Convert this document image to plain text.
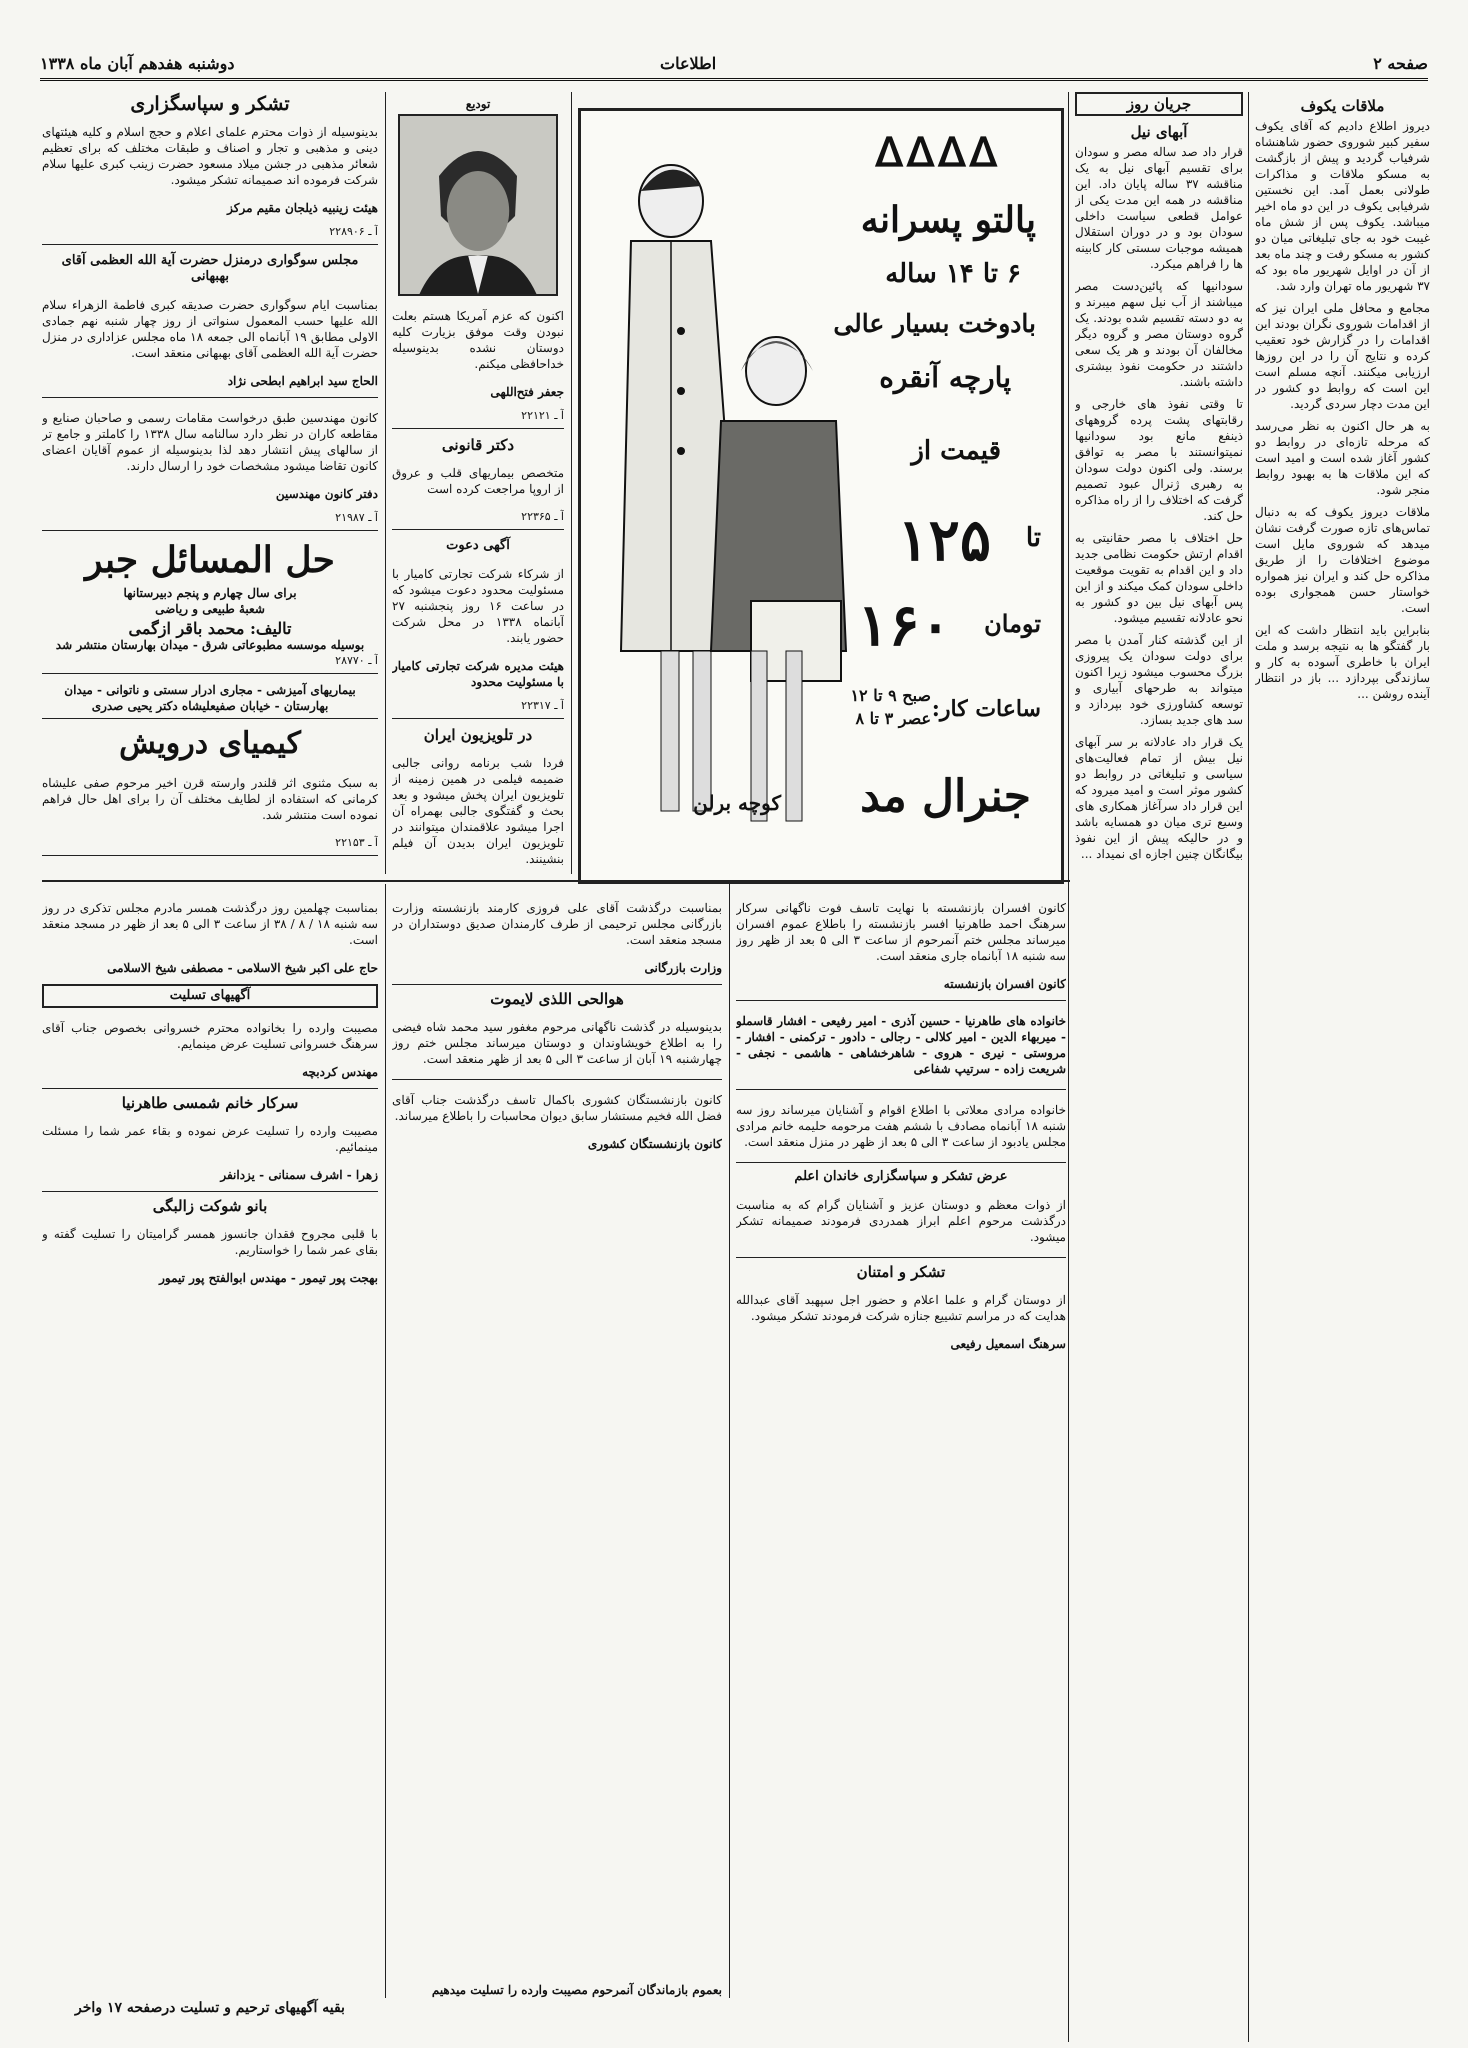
صفحه ۲
اطلاعات
دوشنبه هفدهم آبان ماه ۱۳۳۸
ملاقات یکوف

دیروز اطلاع دادیم که آقای یکوف سفیر کبیر شوروی حضور شاهنشاه شرفیاب گردید و پیش از بازگشت به مسکو ملاقات و مذاکرات طولانی بعمل آمد. این نخستین شرفیابی یکوف در این دو ماه اخیر میباشد. یکوف پس از شش ماه غیبت خود به جای تبلیغاتی میان دو کشور به مسکو رفت و چند ماه بعد از آن در اوایل شهریور ماه بود که ۳۷ شهریور ماه تهران وارد شد.

مجامع و محافل ملی ایران نیز که از اقدامات شوروی نگران بودند این اقدامات را در گزارش خود تعقیب کرده و نتایج آن را در این روزها ارزیابی میکنند. آنچه مسلم است این است که روابط دو کشور در این مدت دچار سردی گردید.

به هر حال اکنون به نظر می‌رسد که مرحله تازه‌ای در روابط دو کشور آغاز شده است و امید است که این ملاقات ها به بهبود روابط منجر شود.

ملاقات دیروز یکوف که به دنبال تماس‌های تازه صورت گرفت نشان میدهد که شوروی مایل است موضوع اختلافات را از طریق مذاکره حل کند و ایران نیز همواره خواستار حسن همجواری بوده است.

بنابراین باید انتظار داشت که این بار گفتگو ها به نتیجه برسد و ملت ایران با خاطری آسوده به کار و سازندگی بپردازد ... باز در انتظار آینده روشن ...

جریان روز
آبهای نیل

قرار داد صد ساله مصر و سودان برای تقسیم آبهای نیل به یک مناقشه ۳۷ ساله پایان داد. این مناقشه در همه این مدت یکی از عوامل قطعی سیاست داخلی سودان بود و در دوران استقلال همیشه موجبات سستی کار کابینه ها را فراهم میکرد.

سودانیها که پائین‌دست مصر میباشند از آب نیل سهم میبرند و به دو دسته تقسیم شده بودند. یک گروه دوستان مصر و گروه دیگر مخالفان آن بودند و هر یک سعی داشتند در حکومت نفوذ بیشتری داشته باشند.

تا وقتی نفوذ های خارجی و رقابتهای پشت پرده گروههای ذینفع مانع بود سودانیها نمیتوانستند با مصر به توافق برسند. ولی اکنون دولت سودان به رهبری ژنرال عبود تصمیم گرفت که اختلاف را از راه مذاکره حل کند.

حل اختلاف با مصر حقانیتی به اقدام ارتش حکومت نظامی جدید داد و این اقدام به تقویت موقعیت داخلی سودان کمک میکند و از این پس آبهای نیل بین دو کشور به نحو عادلانه تقسیم میشود.

از این گذشته کنار آمدن با مصر برای دولت سودان یک پیروزی بزرگ محسوب میشود زیرا اکنون میتواند به طرحهای آبیاری و توسعه کشاورزی خود بپردازد و سد های جدید بسازد.

یک قرار داد عادلانه بر سر آبهای نیل بیش از تمام فعالیت‌های سیاسی و تبلیغاتی در روابط دو کشور موثر است و امید میرود که این قرار داد سرآغاز همکاری های وسیع تری میان دو همسایه باشد و در حالیکه پیش از این نفوذ بیگانگان چنین اجازه ای نمیداد ...

ᐃᐃᐃᐃ
پالتو پسرانه
۶ تا ۱۴ ساله
بادوخت بسیار عالی
پارچه آنقره
قیمت از
۱۲۵ تا
۱۶۰ تومان
ساعات کار:
صبح ۹ تا ۱۲
عصر ۳ تا ۸
جنرال مد
کوچه برلن
تودیع

اکنون که عزم آمریکا هستم بعلت نبودن وقت موفق بزیارت کلیه دوستان نشده بدینوسیله خداحافظی میکنم.

جعفر فتح‌اللهی
آ ـ ۲۲۱۲۱
دکتر قانونی

متخصص بیماریهای قلب و عروق از اروپا مراجعت کرده است

آ ـ ۲۲۳۶۵
آگهی دعوت

از شرکاء شرکت تجارتی کامیار با مسئولیت محدود دعوت میشود که در ساعت ۱۶ روز پنجشنبه ۲۷ آبانماه ۱۳۳۸ در محل شرکت حضور یابند.

هیئت مدیره شرکت تجارتی کامیار با مسئولیت محدود
آ ـ ۲۲۳۱۷
در تلویزیون ایران

فردا شب برنامه روانی جالبی ضمیمه فیلمی در همین زمینه از تلویزیون ایران پخش میشود و بعد بحث و گفتگوی جالبی بهمراه آن اجرا میشود علاقمندان میتوانند در تلویزیون ایران بدیدن آن فیلم بنشینند.

تشکر و سپاسگزاری

بدینوسیله از ذوات محترم علمای اعلام و حجج اسلام و کلیه هیئتهای دینی و مذهبی و تجار و اصناف و طبقات مختلف که برای تعظیم شعائر مذهبی در جشن میلاد مسعود حضرت زینب کبری علیها سلام شرکت فرموده اند صمیمانه تشکر میشود.

هیئت زینبیه ذیلجان مقیم مرکز
آ ـ ۲۲۸۹۰۶
مجلس سوگواری درمنزل حضرت آیة الله العظمی آقای بهبهانی

بمناسبت ایام سوگواری حضرت صدیقه کبری فاطمة الزهراء سلام الله علیها حسب المعمول سنواتی از روز چهار شنبه نهم جمادی الاولی مطابق ۱۹ آبانماه الی جمعه ۱۸ ماه مجلس عزاداری در منزل حضرت آیة الله العظمی آقای بهبهانی منعقد است.

الحاج سید ابراهیم ابطحی نژاد

کانون مهندسین طبق درخواست مقامات رسمی و صاحبان صنایع و مقاطعه کاران در نظر دارد سالنامه سال ۱۳۳۸ را کاملتر و جامع تر از سالهای پیش انتشار دهد لذا بدینوسیله از عموم آقایان اعضای کانون تقاضا میشود مشخصات خود را ارسال دارند.

دفتر کانون مهندسین
آ ـ ۲۱۹۸۷
حل المسائل جبر
برای سال چهارم و پنجم دبیرستانها
شعبهٔ طبیعی و ریاضی
تالیف: محمد باقر ازگمی
بوسیله موسسه مطبوعاتی شرق - میدان بهارستان منتشر شد
آ ـ ۲۸۷۷۰
بیماریهای آمیزشی - مجاری ادرار سستی و ناتوانی - میدان بهارستان - خیابان صفیعلیشاه دکتر یحیی صدری
کیمیای درویش

به سبک مثنوی اثر قلندر وارسته قرن اخیر مرحوم صفی علیشاه کرمانی که استفاده از لطایف مختلف آن را برای اهل حال فراهم نموده است منتشر شد.

آ ـ ۲۲۱۵۳

بمناسبت چهلمین روز درگذشت همسر مادرم مجلس تذکری در روز سه شنبه ۱۸ / ۸ / ۳۸ از ساعت ۳ الی ۵ بعد از ظهر در مسجد منعقد است.

حاج علی اکبر شیخ الاسلامی - مصطفی شیخ الاسلامی
آگهیهای تسلیت

مصیبت وارده را بخانواده محترم خسروانی بخصوص جناب آقای سرهنگ خسروانی تسلیت عرض مینمایم.

مهندس کردبچه
سرکار خانم شمسی طاهرنیا

مصیبت وارده را تسلیت عرض نموده و بقاء عمر شما را مسئلت مینمائیم.

زهرا - اشرف سمنانی - یزدانفر
بانو شوکت زالبگی

با قلبی مجروح فقدان جانسوز همسر گرامیتان را تسلیت گفته و بقای عمر شما را خواستاریم.

بهجت پور تیمور - مهندس ابوالفتح پور تیمور

بمناسبت درگذشت آقای علی فروزی کارمند بازنشسته وزارت بازرگانی مجلس ترحیمی از طرف کارمندان صدیق دوستداران در مسجد منعقد است.

وزارت بازرگانی
هوالحی اللذی لایموت

بدینوسیله در گذشت ناگهانی مرحوم مغفور سید محمد شاه فیضی را به اطلاع خویشاوندان و دوستان میرساند مجلس ختم روز چهارشنبه ۱۹ آبان از ساعت ۳ الی ۵ بعد از ظهر منعقد است.

کانون بازنشستگان کشوری باکمال تاسف درگذشت جناب آقای فضل الله فخیم مستشار سابق دیوان محاسبات را باطلاع میرساند.

کانون بازنشستگان کشوری
بعموم بازماندگان آنمرحوم مصیبت وارده را تسلیت میدهیم

کانون افسران بازنشسته با نهایت تاسف فوت ناگهانی سرکار سرهنگ احمد طاهرنیا افسر بازنشسته را باطلاع عموم افسران میرساند مجلس ختم آنمرحوم از ساعت ۳ الی ۵ بعد از ظهر روز سه شنبه ۱۸ آبانماه جاری منعقد است.

کانون افسران بازنشسته

خانواده های طاهرنیا - حسین آذری - امیر رفیعی - افشار قاسملو - میربهاء الدین - امیر کلالی - رجالی - دادور - ترکمنی - افشار - مروستی - نیری - هروی - شاهرخشاهی - هاشمی - نجفی - شریعت زاده - سرتیپ شفاعی

خانواده مرادی معلاتی با اطلاع اقوام و آشنایان میرساند روز سه شنبه ۱۸ آبانماه مصادف با ششم هفت مرحومه حلیمه خانم مرادی مجلس یادبود از ساعت ۳ الی ۵ بعد از ظهر در منزل منعقد است.

عرض تشکر و سپاسگزاری خاندان اعلم

از ذوات معظم و دوستان عزیز و آشنایان گرام که به مناسبت درگذشت مرحوم اعلم ابراز همدردی فرمودند صمیمانه تشکر میشود.

تشکر و امتنان

از دوستان گرام و علما اعلام و حضور اجل سپهبد آقای عبدالله هدایت که در مراسم تشییع جنازه شرکت فرمودند تشکر میشود.

سرهنگ اسمعیل رفیعی
بقیه آگهیهای ترحیم و تسلیت درصفحه ۱۷ واخر
